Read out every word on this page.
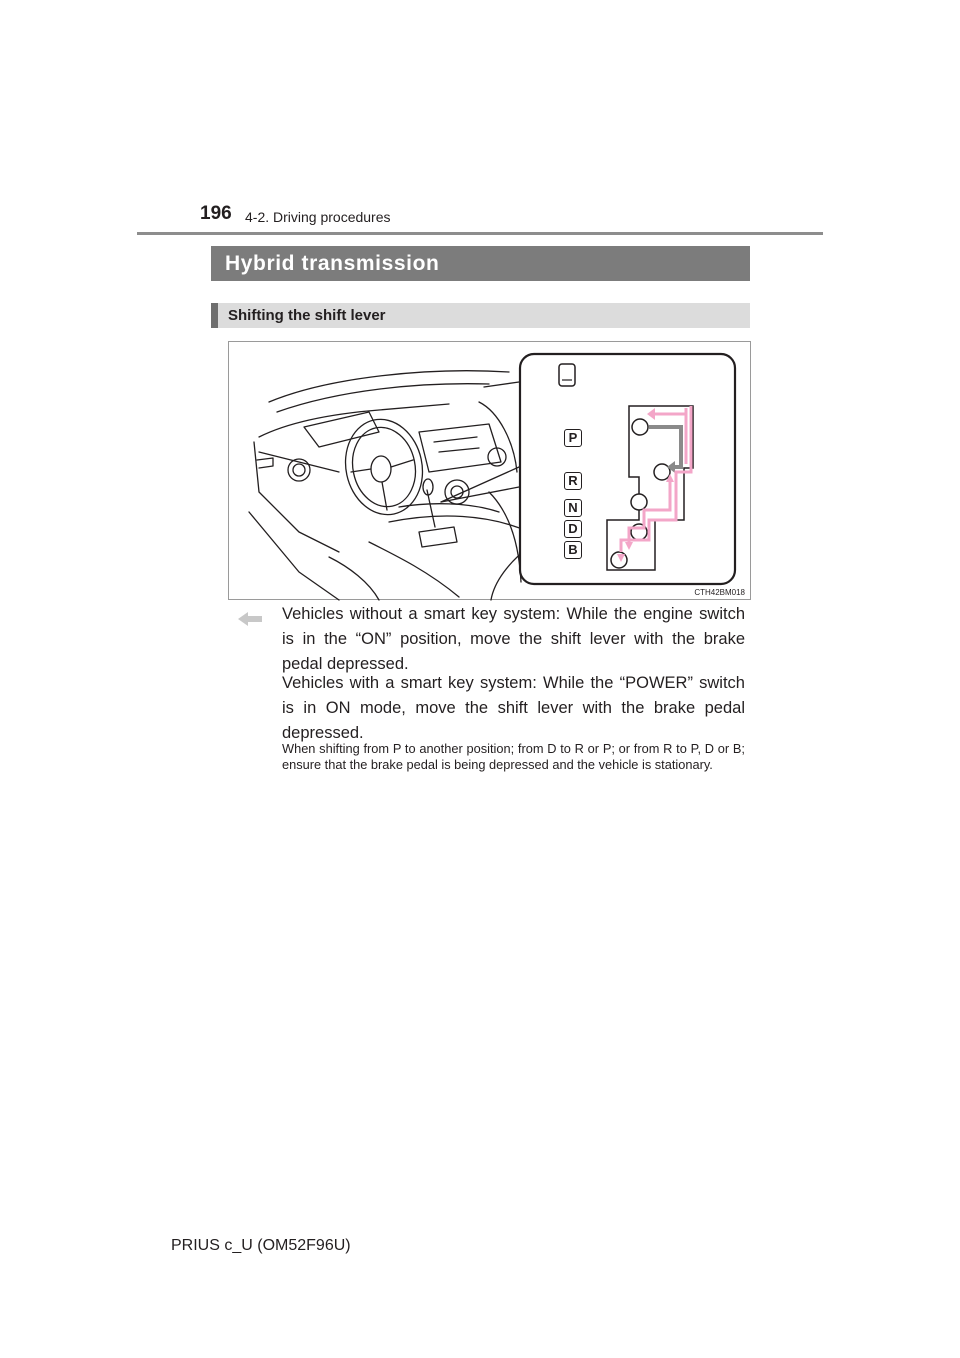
196 4-2. Driving procedures
Hybrid transmission
Shifting the shift lever
P
R
N
D
B
CTH42BM018

Vehicles without a smart key system: While the engine switch is in the “ON” position, move the shift lever with the brake pedal depressed.

Vehicles with a smart key system: While the “POWER” switch is in ON mode, move the shift lever with the brake pedal depressed.

When shifting from P to another position; from D to R or P; or from R to P, D or B; ensure that the brake pedal is being depressed and the vehicle is stationary.

PRIUS c_U (OM52F96U)
